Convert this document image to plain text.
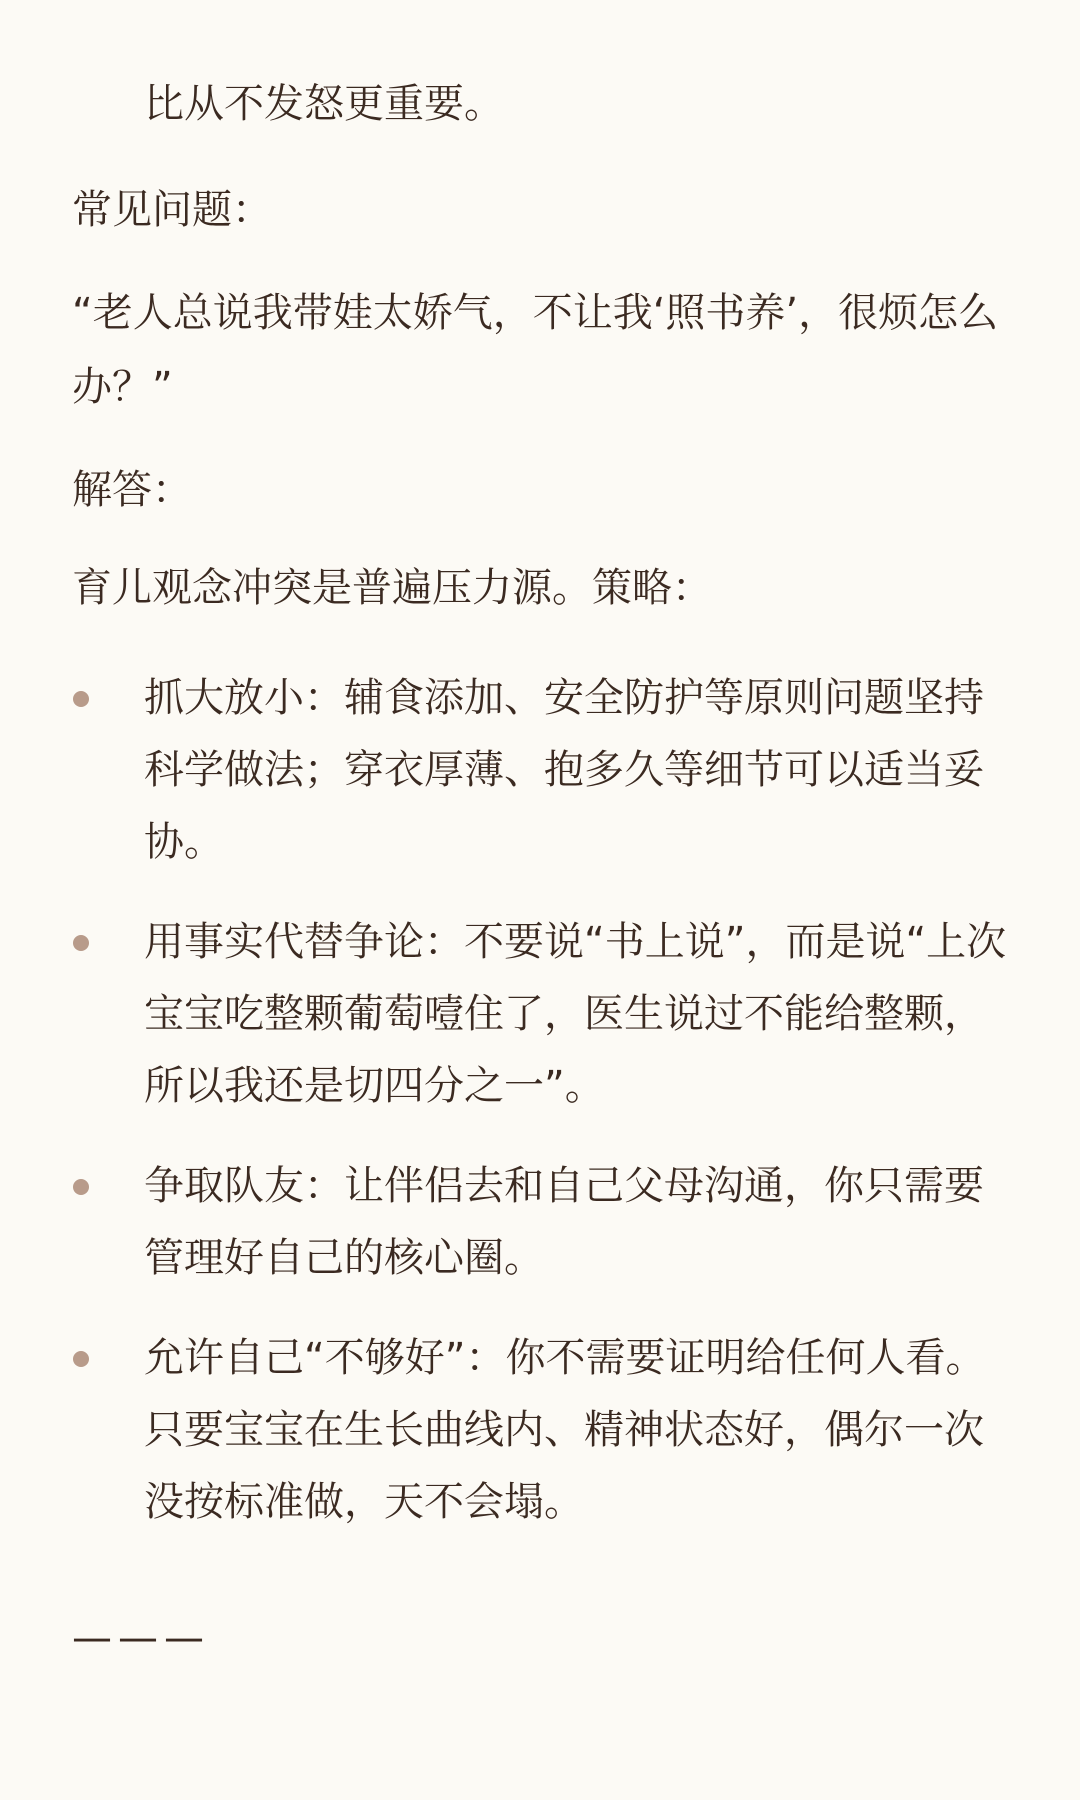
比从不发怒更重要。

常见问题：

“老人总说我带娃太娇气，不让我‘照书养’，很烦怎么办？”

解答：

育儿观念冲突是普遍压力源。策略：

抓大放小：辅食添加、安全防护等原则问题坚持科学做法；穿衣厚薄、抱多久等细节可以适当妥协。
用事实代替争论：不要说“书上说”，而是说“上次宝宝吃整颗葡萄噎住了，医生说过不能给整颗，所以我还是切四分之一”。
争取队友：让伴侣去和自己父母沟通，你只需要管理好自己的核心圈。
允许自己“不够好”：你不需要证明给任何人看。只要宝宝在生长曲线内、精神状态好，偶尔一次没按标准做，天不会塌。
———
